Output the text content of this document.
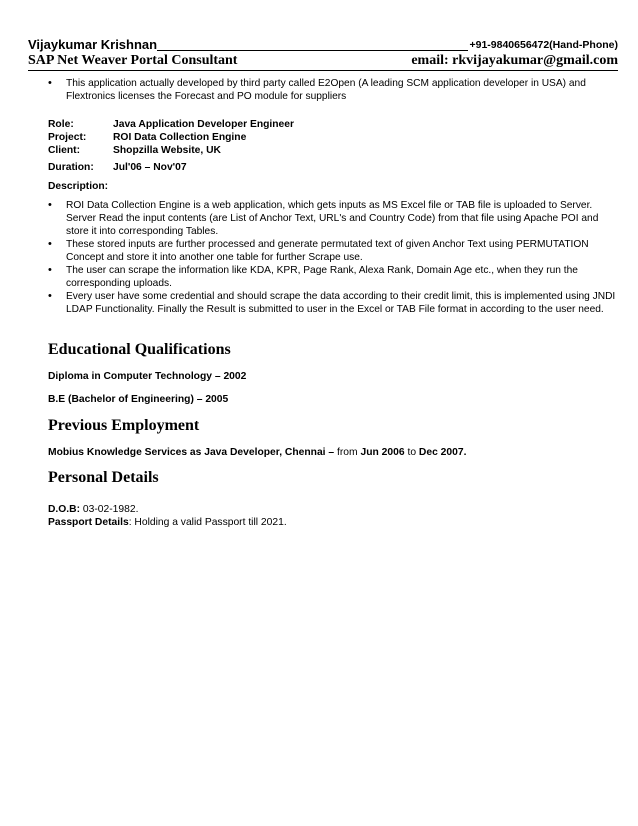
Vijaykumar Krishnan	+91-9840656472(Hand-Phone)
SAP Net Weaver Portal Consultant	email: rkvijayakumar@gmail.com
• This application actually developed by third party called E2Open (A leading SCM application developer in USA) and Flextronics licenses the Forecast and PO module for suppliers
Role:	Java Application Developer Engineer
Project:	ROI Data Collection Engine
Client:	Shopzilla Website, UK
Duration: Jul'06 – Nov'07
Description:
• ROI Data Collection Engine is a web application, which gets inputs as MS Excel file or TAB file is uploaded to Server. Server Read the input contents (are List of Anchor Text, URL's and Country Code) from that file using Apache POI and store it into corresponding Tables.
• These stored inputs are further processed and generate permutated text of given Anchor Text using PERMUTATION Concept and store it into another one table for further Scrape use.
• The user can scrape the information like KDA, KPR, Page Rank, Alexa Rank, Domain Age etc., when they run the corresponding uploads.
• Every user have some credential and should scrape the data according to their credit limit, this is implemented using JNDI LDAP Functionality. Finally the Result is submitted to user in the Excel or TAB File format in according to the user need.
Educational Qualifications
Diploma in Computer Technology – 2002
B.E (Bachelor of Engineering) – 2005
Previous Employment
Mobius Knowledge Services as Java Developer, Chennai – from Jun 2006 to Dec 2007.
Personal Details
D.O.B: 03-02-1982.
Passport Details: Holding a valid Passport till 2021.
